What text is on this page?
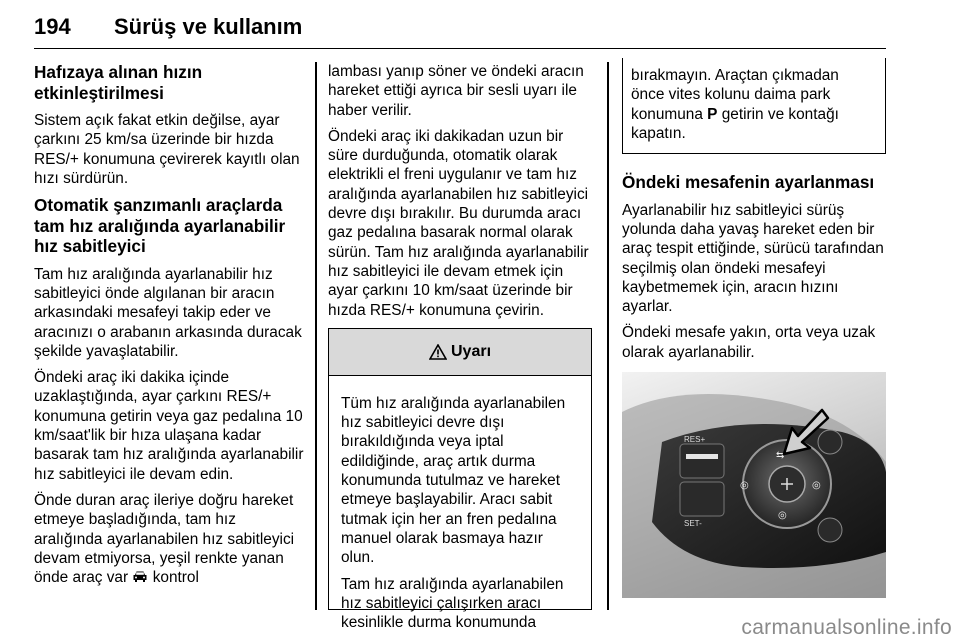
194 Sürüş ve kullanım
Hafızaya alınan hızın etkinleştirilmesi

Sistem açık fakat etkin değilse, ayar çarkını 25 km/sa üzerinde bir hızda RES/+ konumuna çevirerek kayıtlı olan hızı sürdürün.

Otomatik şanzımanlı araçlarda tam hız aralığında ayarlanabilir hız sabitleyici

Tam hız aralığında ayarlanabilir hız sabitleyici önde algılanan bir aracın arkasındaki mesafeyi takip eder ve aracınızı o arabanın arkasında duracak şekilde yavaşlatabilir.

Öndeki araç iki dakika içinde uzaklaştığında, ayar çarkını RES/+ konumuna getirin veya gaz pedalına 10 km/saat'lik bir hıza ulaşana kadar basarak tam hız aralığında ayarlanabilir hız sabitleyici ile devam edin.

Önde duran araç ileriye doğru hareket etmeye başladığında, tam hız aralığında ayarlanabilen hız sabitleyici devam etmiyorsa, yeşil renkte yanan önde araç var kontrol

lambası yanıp söner ve öndeki aracın hareket ettiği ayrıca bir sesli uyarı ile haber verilir.

Öndeki araç iki dakikadan uzun bir süre durduğunda, otomatik olarak elektrikli el freni uygulanır ve tam hız aralığında ayarlanabilen hız sabitleyici devre dışı bırakılır. Bu durumda aracı gaz pedalına basarak normal olarak sürün. Tam hız aralığında ayarlanabilir hız sabitleyici ile devam etmek için ayar çarkını 10 km/saat üzerinde bir hızda RES/+ konumuna çevirin.

Uyarı

Tüm hız aralığında ayarlanabilen hız sabitleyici devre dışı bırakıldığında veya iptal edildiğinde, araç artık durma konumunda tutulmaz ve hareket etmeye başlayabilir. Aracı sabit tutmak için her an fren pedalına manuel olarak basmaya hazır olun.

Tam hız aralığında ayarlanabilen hız sabitleyici çalışırken aracı kesinlikle durma konumunda

bırakmayın. Araçtan çıkmadan önce vites kolunu daima park konumuna P getirin ve kontağı kapatın.
Öndeki mesafenin ayarlanması

Ayarlanabilir hız sabitleyici sürüş yolunda daha yavaş hareket eden bir araç tespit ettiğinde, sürücü tarafından seçilmiş olan öndeki mesafeyi kaybetmemek için, aracın hızını ayarlar.

Öndeki mesafe yakın, orta veya uzak olarak ayarlanabilir.

RES+
SET-
⇆
◎	◎
◎
carmanualsonline.info
